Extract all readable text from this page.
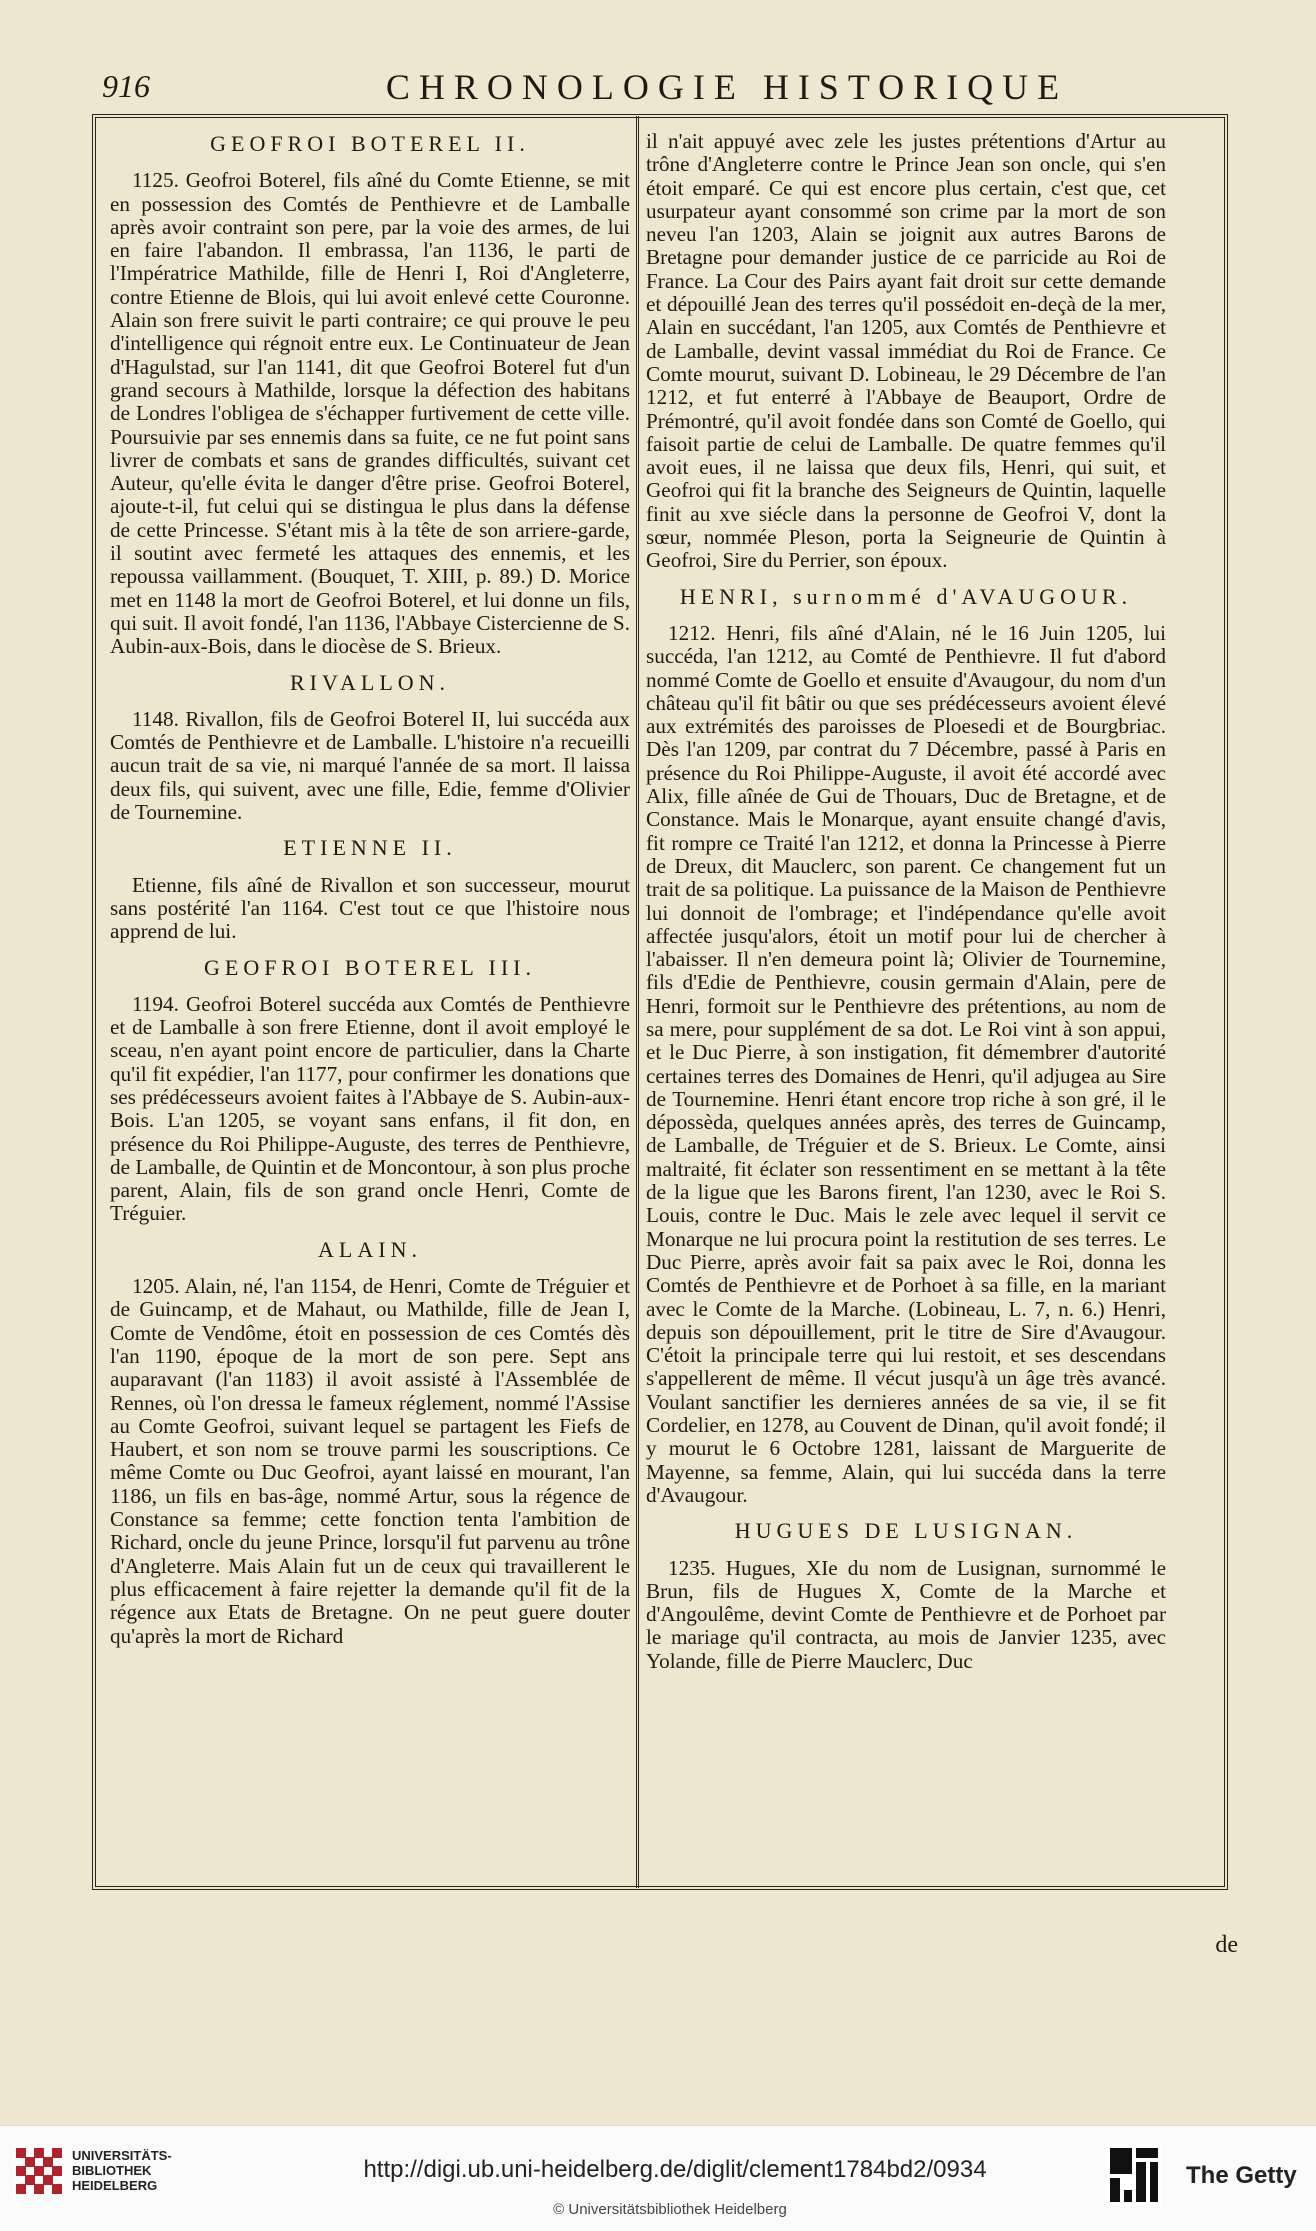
916	CHRONOLOGIE HISTORIQUE
GEOFROI BOTEREL II.

1125. Geofroi Boterel, fils aîné du Comte Etienne, se mit en possession des Comtés de Penthievre et de Lamballe après avoir contraint son pere, par la voie des armes, de lui en faire l'abandon. Il embrassa, l'an 1136, le parti de l'Impératrice Mathilde, fille de Henri I, Roi d'Angleterre, contre Etienne de Blois, qui lui avoit enlevé cette Couronne. Alain son frere suivit le parti contraire; ce qui prouve le peu d'intelligence qui régnoit entre eux. Le Continuateur de Jean d'Hagulstad, sur l'an 1141, dit que Geofroi Boterel fut d'un grand secours à Mathilde, lorsque la défection des habitans de Londres l'obligea de s'échapper furtivement de cette ville. Poursuivie par ses ennemis dans sa fuite, ce ne fut point sans livrer de combats et sans de grandes difficultés, suivant cet Auteur, qu'elle évita le danger d'être prise. Geofroi Boterel, ajoute-t-il, fut celui qui se distingua le plus dans la défense de cette Princesse. S'étant mis à la tête de son arriere-garde, il soutint avec fermeté les attaques des ennemis, et les repoussa vaillamment. (Bouquet, T. XIII, p. 89.) D. Morice met en 1148 la mort de Geofroi Boterel, et lui donne un fils, qui suit. Il avoit fondé, l'an 1136, l'Abbaye Cistercienne de S. Aubin-aux-Bois, dans le diocèse de S. Brieux.

RIVALLON.

1148. Rivallon, fils de Geofroi Boterel II, lui succéda aux Comtés de Penthievre et de Lamballe. L'histoire n'a recueilli aucun trait de sa vie, ni marqué l'année de sa mort. Il laissa deux fils, qui suivent, avec une fille, Edie, femme d'Olivier de Tournemine.

ETIENNE II.

Etienne, fils aîné de Rivallon et son successeur, mourut sans postérité l'an 1164. C'est tout ce que l'histoire nous apprend de lui.

GEOFROI BOTEREL III.

1194. Geofroi Boterel succéda aux Comtés de Penthievre et de Lamballe à son frere Etienne, dont il avoit employé le sceau, n'en ayant point encore de particulier, dans la Charte qu'il fit expédier, l'an 1177, pour confirmer les donations que ses prédécesseurs avoient faites à l'Abbaye de S. Aubin-aux-Bois. L'an 1205, se voyant sans enfans, il fit don, en présence du Roi Philippe-Auguste, des terres de Penthievre, de Lamballe, de Quintin et de Moncontour, à son plus proche parent, Alain, fils de son grand oncle Henri, Comte de Tréguier.

ALAIN.

1205. Alain, né, l'an 1154, de Henri, Comte de Tréguier et de Guincamp, et de Mahaut, ou Mathilde, fille de Jean I, Comte de Vendôme, étoit en possession de ces Comtés dès l'an 1190, époque de la mort de son pere. Sept ans auparavant (l'an 1183) il avoit assisté à l'Assemblée de Rennes, où l'on dressa le fameux réglement, nommé l'Assise au Comte Geofroi, suivant lequel se partagent les Fiefs de Haubert, et son nom se trouve parmi les souscriptions. Ce même Comte ou Duc Geofroi, ayant laissé en mourant, l'an 1186, un fils en bas-âge, nommé Artur, sous la régence de Constance sa femme; cette fonction tenta l'ambition de Richard, oncle du jeune Prince, lorsqu'il fut parvenu au trône d'Angleterre. Mais Alain fut un de ceux qui travaillerent le plus efficacement à faire rejetter la demande qu'il fit de la régence aux Etats de Bretagne. On ne peut guere douter qu'après la mort de Richard

il n'ait appuyé avec zele les justes prétentions d'Artur au trône d'Angleterre contre le Prince Jean son oncle, qui s'en étoit emparé. Ce qui est encore plus certain, c'est que, cet usurpateur ayant consommé son crime par la mort de son neveu l'an 1203, Alain se joignit aux autres Barons de Bretagne pour demander justice de ce parricide au Roi de France. La Cour des Pairs ayant fait droit sur cette demande et dépouillé Jean des terres qu'il possédoit en-deçà de la mer, Alain en succédant, l'an 1205, aux Comtés de Penthievre et de Lamballe, devint vassal immédiat du Roi de France. Ce Comte mourut, suivant D. Lobineau, le 29 Décembre de l'an 1212, et fut enterré à l'Abbaye de Beauport, Ordre de Prémontré, qu'il avoit fondée dans son Comté de Goello, qui faisoit partie de celui de Lamballe. De quatre femmes qu'il avoit eues, il ne laissa que deux fils, Henri, qui suit, et Geofroi qui fit la branche des Seigneurs de Quintin, laquelle finit au xve siécle dans la personne de Geofroi V, dont la sœur, nommée Pleson, porta la Seigneurie de Quintin à Geofroi, Sire du Perrier, son époux.

HENRI, surnommé d'AVAUGOUR.

1212. Henri, fils aîné d'Alain, né le 16 Juin 1205, lui succéda, l'an 1212, au Comté de Penthievre. Il fut d'abord nommé Comte de Goello et ensuite d'Avaugour, du nom d'un château qu'il fit bâtir ou que ses prédécesseurs avoient élevé aux extrémités des paroisses de Ploesedi et de Bourgbriac. Dès l'an 1209, par contrat du 7 Décembre, passé à Paris en présence du Roi Philippe-Auguste, il avoit été accordé avec Alix, fille aînée de Gui de Thouars, Duc de Bretagne, et de Constance. Mais le Monarque, ayant ensuite changé d'avis, fit rompre ce Traité l'an 1212, et donna la Princesse à Pierre de Dreux, dit Mauclerc, son parent. Ce changement fut un trait de sa politique. La puissance de la Maison de Penthievre lui donnoit de l'ombrage; et l'indépendance qu'elle avoit affectée jusqu'alors, étoit un motif pour lui de chercher à l'abaisser. Il n'en demeura point là; Olivier de Tournemine, fils d'Edie de Penthievre, cousin germain d'Alain, pere de Henri, formoit sur le Penthievre des prétentions, au nom de sa mere, pour supplément de sa dot. Le Roi vint à son appui, et le Duc Pierre, à son instigation, fit démembrer d'autorité certaines terres des Domaines de Henri, qu'il adjugea au Sire de Tournemine. Henri étant encore trop riche à son gré, il le dépossèda, quelques années après, des terres de Guincamp, de Lamballe, de Tréguier et de S. Brieux. Le Comte, ainsi maltraité, fit éclater son ressentiment en se mettant à la tête de la ligue que les Barons firent, l'an 1230, avec le Roi S. Louis, contre le Duc. Mais le zele avec lequel il servit ce Monarque ne lui procura point la restitution de ses terres. Le Duc Pierre, après avoir fait sa paix avec le Roi, donna les Comtés de Penthievre et de Porhoet à sa fille, en la mariant avec le Comte de la Marche. (Lobineau, L. 7, n. 6.) Henri, depuis son dépouillement, prit le titre de Sire d'Avaugour. C'étoit la principale terre qui lui restoit, et ses descendans s'appellerent de même. Il vécut jusqu'à un âge très avancé. Voulant sanctifier les dernieres années de sa vie, il se fit Cordelier, en 1278, au Couvent de Dinan, qu'il avoit fondé; il y mourut le 6 Octobre 1281, laissant de Marguerite de Mayenne, sa femme, Alain, qui lui succéda dans la terre d'Avaugour.

HUGUES DE LUSIGNAN.

1235. Hugues, XIe du nom de Lusignan, surnommé le Brun, fils de Hugues X, Comte de la Marche et d'Angoulême, devint Comte de Penthievre et de Porhoet par le mariage qu'il contracta, au mois de Janvier 1235, avec Yolande, fille de Pierre Mauclerc, Duc

de
UNIVERSITÄTS-
BIBLIOTHEK
HEIDELBERG
http://digi.ub.uni-heidelberg.de/diglit/clement1784bd2/0934
© Universitätsbibliothek Heidelberg
The Getty
